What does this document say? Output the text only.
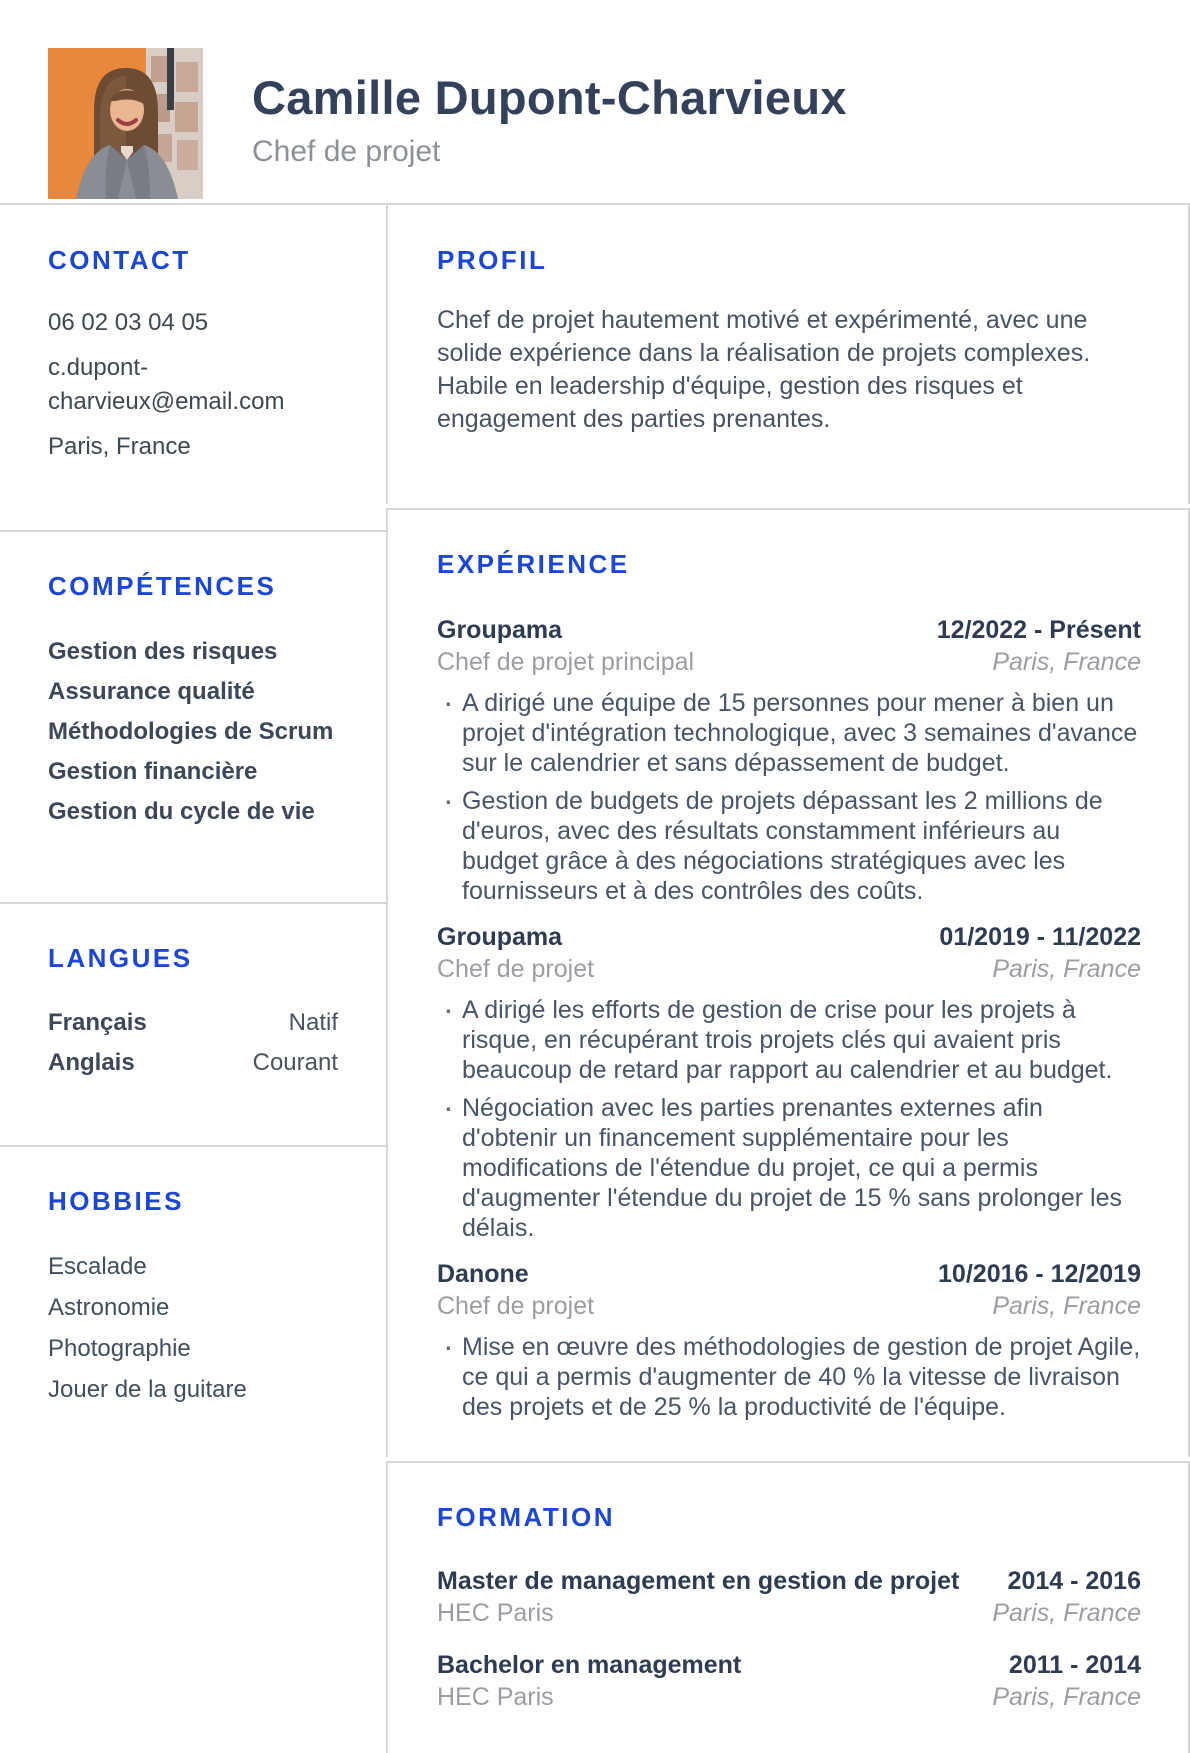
Camille Dupont-Charvieux
Chef de projet
CONTACT
06 02 03 04 05
c.dupont-charvieux@email.com
Paris, France
COMPÉTENCES
Gestion des risques
Assurance qualité
Méthodologies de Scrum
Gestion financière
Gestion du cycle de vie
LANGUES
Français	Natif
Anglais	Courant
HOBBIES
Escalade
Astronomie
Photographie
Jouer de la guitare
PROFIL
Chef de projet hautement motivé et expérimenté, avec une solide expérience dans la réalisation de projets complexes. Habile en leadership d'équipe, gestion des risques et engagement des parties prenantes.
EXPÉRIENCE
Groupama	12/2022 - Présent
Chef de projet principal	Paris, France
· A dirigé une équipe de 15 personnes pour mener à bien un projet d'intégration technologique, avec 3 semaines d'avance sur le calendrier et sans dépassement de budget.
· Gestion de budgets de projets dépassant les 2 millions de d'euros, avec des résultats constamment inférieurs au budget grâce à des négociations stratégiques avec les fournisseurs et à des contrôles des coûts.
Groupama	01/2019 - 11/2022
Chef de projet	Paris, France
· A dirigé les efforts de gestion de crise pour les projets à risque, en récupérant trois projets clés qui avaient pris beaucoup de retard par rapport au calendrier et au budget.
· Négociation avec les parties prenantes externes afin d'obtenir un financement supplémentaire pour les modifications de l'étendue du projet, ce qui a permis d'augmenter l'étendue du projet de 15 % sans prolonger les délais.
Danone	10/2016 - 12/2019
Chef de projet	Paris, France
· Mise en œuvre des méthodologies de gestion de projet Agile, ce qui a permis d'augmenter de 40 % la vitesse de livraison des projets et de 25 % la productivité de l'équipe.
FORMATION
Master de management en gestion de projet 2014 - 2016
HEC Paris	Paris, France
Bachelor en management	2011 - 2014
HEC Paris	Paris, France
